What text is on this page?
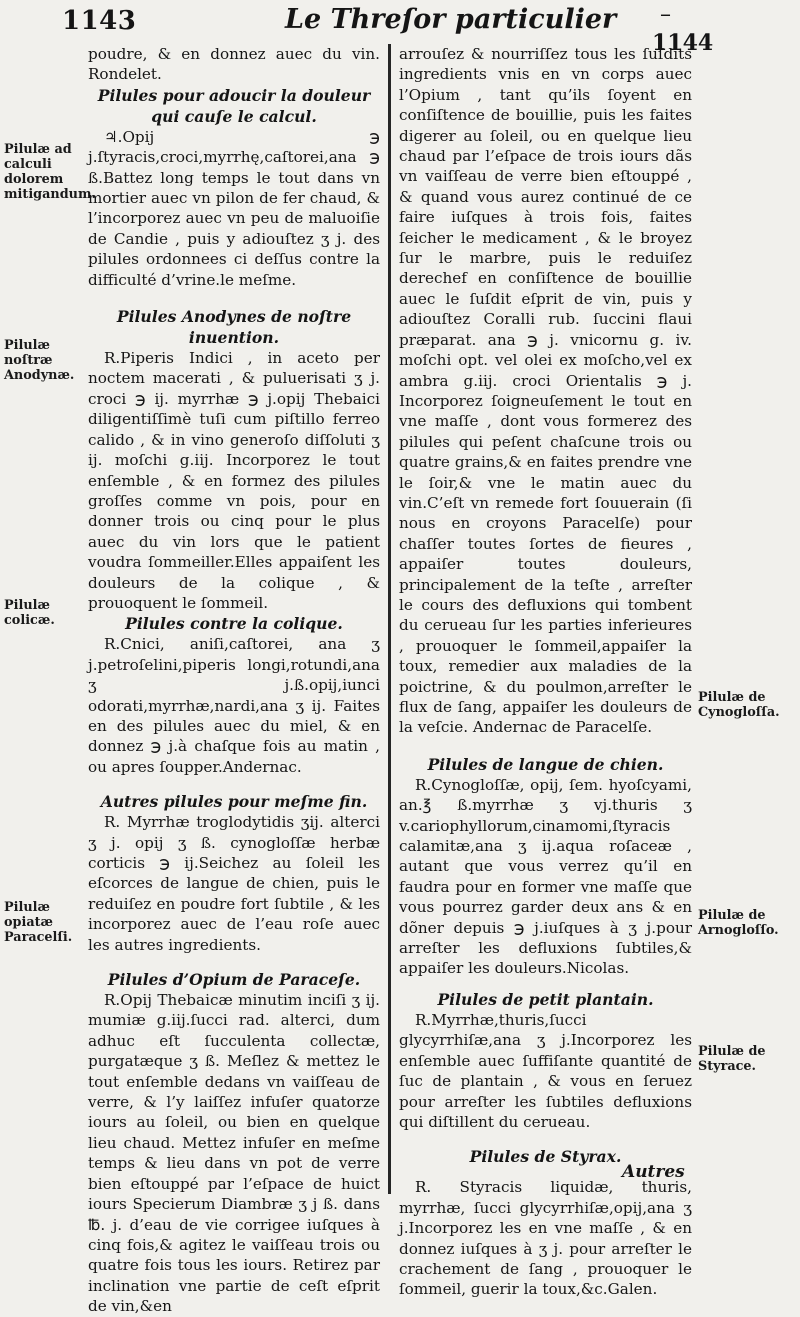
1143	Le Threſor particulier –
1144
Pilulæ ad calculi dolorem mitigandum.
Pilulæ noſtræ Anodynæ.
Pilulæ colicæ.
Pilulæ opiatæ Paracelſi.
Pilulæ de Cynogloſſa.
Pilulæ de Arnogloſſo.
Pilulæ de Styrace.

poudre, & en donnez auec du vin. Rondelet.

Pilules pour adoucir la douleur qui cauſe le calcul.

♃.Opij ℈ j.ſtyracis,croci,myrrhę,caſtorei,ana ℈ ß.Battez long temps le tout dans vn mortier auec vn pilon de fer chaud, & l’incorporez auec vn peu de maluoiſie de Candie , puis y adiouſtez ʒ j. des pilules ordonnees ci deſſus contre la difficulté d’vrine.le meſme.

Pilules Anodynes de noſtre inuention.

R.Piperis Indici , in aceto per noctem macerati , & puluerisati ʒ j. croci ℈ ij. myrrhæ ℈ j.opij Thebaici diligentiſſimè tuſi cum piſtillo ferreo calido , & in vino generoſo diſſoluti ʒ ij. moſchi g.iij. Incorporez le tout enſemble , & en formez des pilules groſſes comme vn pois, pour en donner trois ou cinq pour le plus auec du vin lors que le patient voudra ſommeiller.Elles appaiſent les douleurs de la colique , & prouoquent le ſommeil.

Pilules contre la colique.

R.Cnici, aniſi,caſtorei, ana ʒ j.petroſelini,piperis longi,rotundi,ana ʒ j.ß.opij,iunci odorati,myrrhæ,nardi,ana ʒ ij. Faites en des pilules auec du miel, & en donnez ℈ j.à chaſque fois au matin , ou apres ſoupper.Andernac.

Autres pilules pour meſme fin.

R. Myrrhæ troglodytidis ʒij. alterci ʒ j. opij ʒ ß. cynogloſſæ herbæ corticis ℈ ij.Seichez au ſoleil les eſcorces de langue de chien, puis le reduiſez en poudre fort ſubtile , & les incorporez auec de l’eau roſe auec les autres ingredients.

Pilules d’Opium de Paraceſe.

R.Opij Thebaicæ minutim inciſi ʒ ij. mumiæ g.iij.ſucci rad. alterci, dum adhuc eſt ſucculenta collectæ, purgatæque ʒ ß. Meſlez & mettez le tout enſemble dedans vn vaiſſeau de verre, & l’y laiſſez infuſer quatorze iours au ſoleil, ou bien en quelque lieu chaud. Mettez infuſer en meſme temps & lieu dans vn pot de verre bien eſtouppé par l’eſpace de huict iours Specierum Diambræ ʒ j ß. dans ℔. j. d’eau de vie corrigee iuſques à cinq fois,& agitez le vaiſſeau trois ou quatre fois tous les iours. Retirez par inclination vne partie de ceſt eſprit de vin,&en

arrouſez & nourriſſez tous les ſuſdits ingredients vnis en vn corps auec l’Opium , tant qu’ils ſoyent en conſiſtence de bouillie, puis les faites digerer au ſoleil, ou en quelque lieu chaud par l’eſpace de trois iours dãs vn vaiſſeau de verre bien eſtouppé , & quand vous aurez continué de ce faire iuſques à trois fois, faites ſeicher le medicament , & le broyez ſur le marbre, puis le reduiſez derechef en conſiſtence de bouillie auec le ſuſdit eſprit de vin, puis y adiouſtez Coralli rub. ſuccini flaui præparat. ana ℈ j. vnicornu g. iv. moſchi opt. vel olei ex moſcho,vel ex ambra g.iij. croci Orientalis ℈ j. Incorporez ſoigneuſement le tout en vne maſſe , dont vous formerez des pilules qui peſent chaſcune trois ou quatre grains,& en faites prendre vne le ſoir,& vne le matin auec du vin.C’eſt vn remede fort ſouuerain (ſi nous en croyons Paracelſe) pour chaſſer toutes ſortes de fieures , appaiſer toutes douleurs, principalement de la teſte , arreſter le cours des defluxions qui tombent du cerueau ſur les parties inferieures , prouoquer le ſommeil,appaiſer la toux, remedier aux maladies de la poictrine, & du poulmon,arreſter le flux de ſang, appaiſer les douleurs de la veſcie. Andernac de Paracelſe.

Pilules de langue de chien.

R.Cynogloſſæ, opij, ſem. hyoſcyami, an.℥ ß.myrrhæ ʒ vj.thuris ʒ v.cariophyllorum,cinamomi,ſtyracis calamitæ,ana ʒ ij.aqua roſaceæ , autant que vous verrez qu’il en faudra pour en former vne maſſe que vous pourrez garder deux ans & en dõner depuis ℈ j.iuſques à ʒ j.pour arreſter les defluxions ſubtiles,& appaiſer les douleurs.Nicolas.

Pilules de petit plantain.

R.Myrrhæ,thuris,ſucci glycyrrhiſæ,ana ʒ j.Incorporez les enſemble auec ſuffiſante quantité de ſuc de plantain , & vous en ſeruez pour arreſter les ſubtiles defluxions qui diſtillent du cerueau.

Pilules de Styrax.

R. Styracis liquidæ, thuris, myrrhæ, ſucci glycyrrhiſæ,opij,ana ʒ j.Incorporez les en vne maſſe , & en donnez iuſques à ʒ j. pour arreſter le crachement de ſang , prouoquer le ſommeil, guerir la toux,&c.Galen.

Autres
